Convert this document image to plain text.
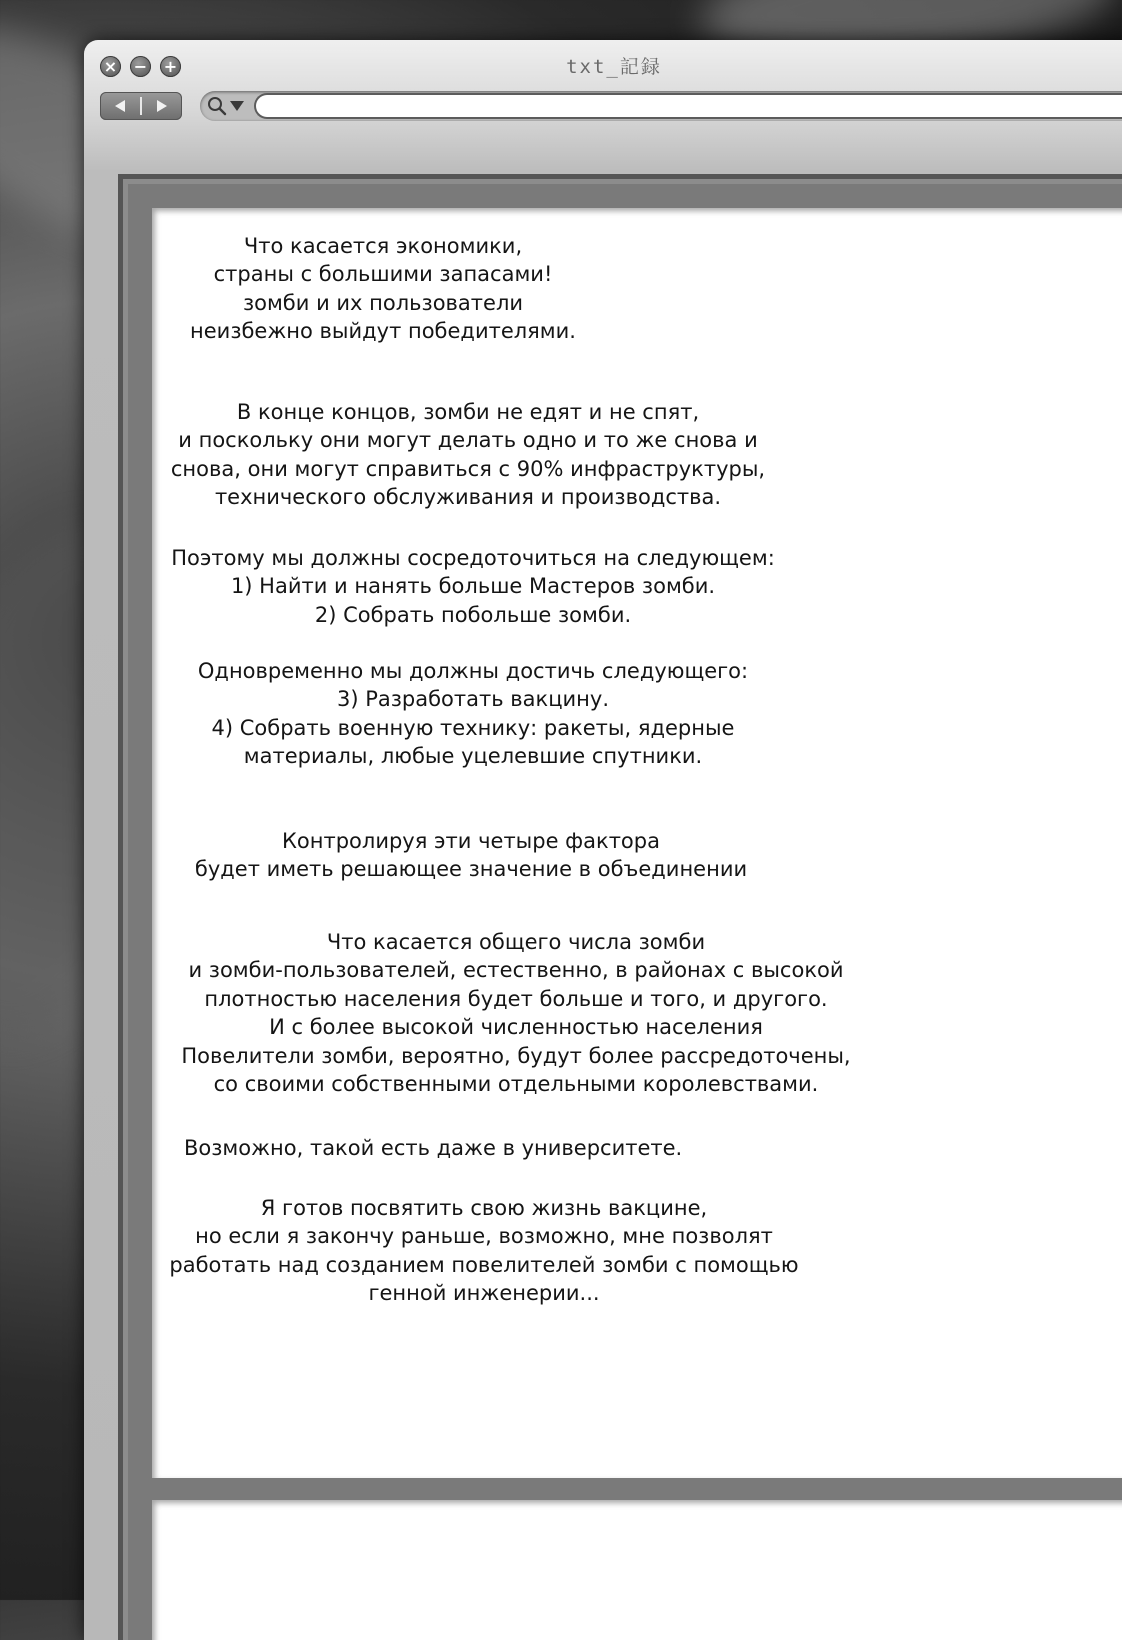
× − +	txt_記録

Что касается экономики,
страны с большими запасами!
зомби и их пользователи
неизбежно выйдут победителями.

В конце концов, зомби не едят и не спят,
и поскольку они могут делать одно и то же снова и
снова, они могут справиться с 90% инфраструктуры,
технического обслуживания и производства.

Поэтому мы должны сосредоточиться на следующем:
1) Найти и нанять больше Мастеров зомби.
2) Собрать побольше зомби.

Одновременно мы должны достичь следующего:
3) Разработать вакцину.
4) Собрать военную технику: ракеты, ядерные
материалы, любые уцелевшие спутники.

Контролируя эти четыре фактора
будет иметь решающее значение в объединении

Что касается общего числа зомби
и зомби-пользователей, естественно, в районах с высокой
плотностью населения будет больше и того, и другого.
И с более высокой численностью населения
Повелители зомби, вероятно, будут более рассредоточены,
со своими собственными отдельными королевствами.

Возможно, такой есть даже в университете.

Я готов посвятить свою жизнь вакцине,
но если я закончу раньше, возможно, мне позволят
работать над созданием повелителей зомби с помощью
генной инженерии...
